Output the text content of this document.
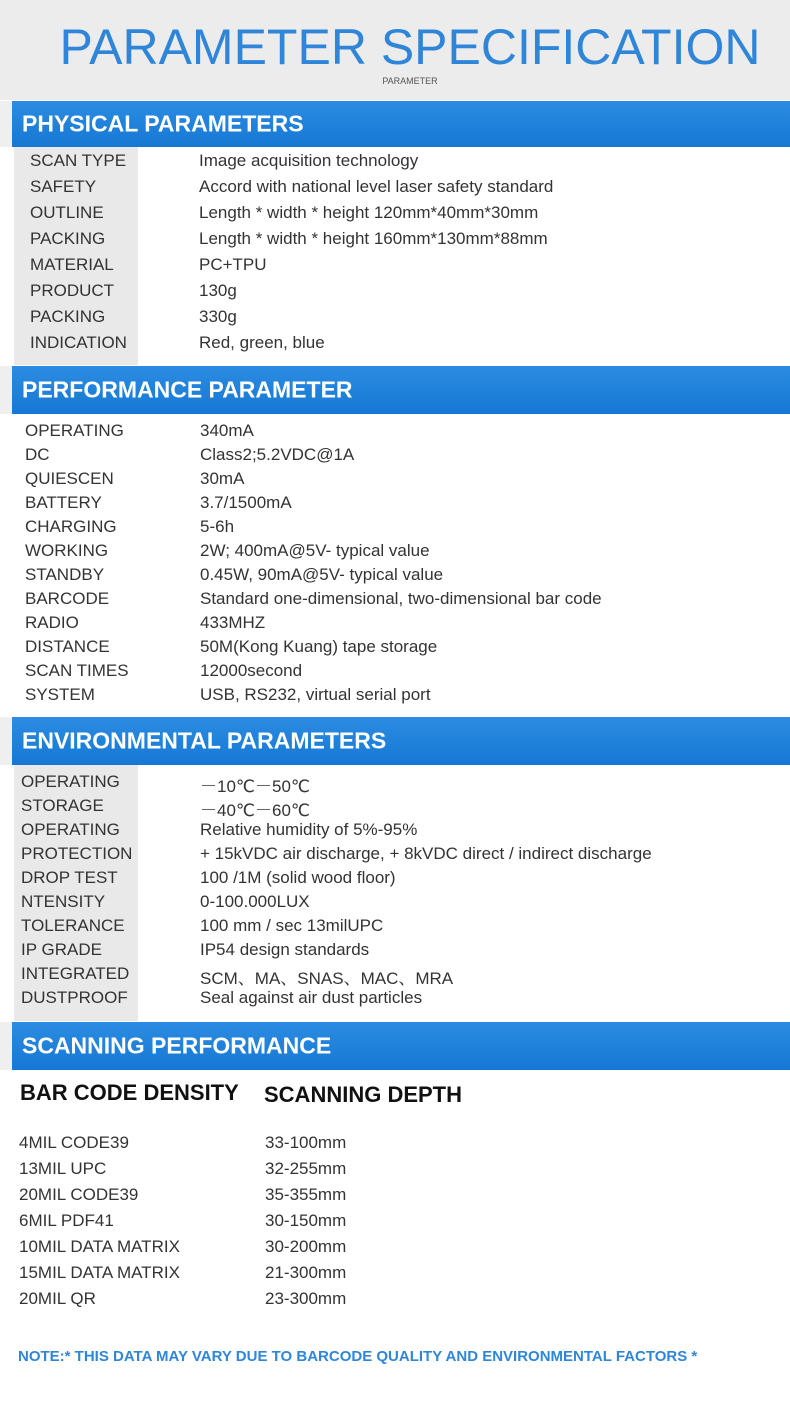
PARAMETER SPECIFICATION
PARAMETER
PHYSICAL PARAMETERS
SCAN TYPE	Image acquisition technology
SAFETY	Accord with national level laser safety standard
OUTLINE	Length * width * height 120mm*40mm*30mm
PACKING	Length * width * height 160mm*130mm*88mm
MATERIAL	PC+TPU
PRODUCT	130g
PACKING	330g
INDICATION	Red, green, blue
PERFORMANCE PARAMETER
OPERATING	340mA
DC	Class2;5.2VDC@1A
QUIESCEN	30mA
BATTERY	3.7/1500mA
CHARGING	5-6h
WORKING	2W; 400mA@5V- typical value
STANDBY	0.45W, 90mA@5V- typical value
BARCODE	Standard one-dimensional, two-dimensional bar code
RADIO	433MHZ
DISTANCE	50M(Kong Kuang) tape storage
SCAN TIMES	12000second
SYSTEM	USB, RS232, virtual serial port
ENVIRONMENTAL PARAMETERS
OPERATING	－10℃－50℃
STORAGE	－40℃－60℃
OPERATING	Relative humidity of 5%-95%
PROTECTION	+ 15kVDC air discharge, + 8kVDC direct / indirect discharge
DROP TEST	100 /1M (solid wood floor)
NTENSITY	0-100.000LUX
TOLERANCE	100 mm / sec 13milUPC
IP GRADE	IP54 design standards
INTEGRATED	SCM、MA、SNAS、MAC、MRA
DUSTPROOF	Seal against air dust particles
SCANNING PERFORMANCE
BAR CODE DENSITY SCANNING DEPTH
4MIL CODE39	33-100mm
13MIL UPC	32-255mm
20MIL CODE39	35-355mm
6MIL PDF41	30-150mm
10MIL DATA MATRIX	30-200mm
15MIL DATA MATRIX	21-300mm
20MIL QR	23-300mm
NOTE:* THIS DATA MAY VARY DUE TO BARCODE QUALITY AND ENVIRONMENTAL FACTORS *
